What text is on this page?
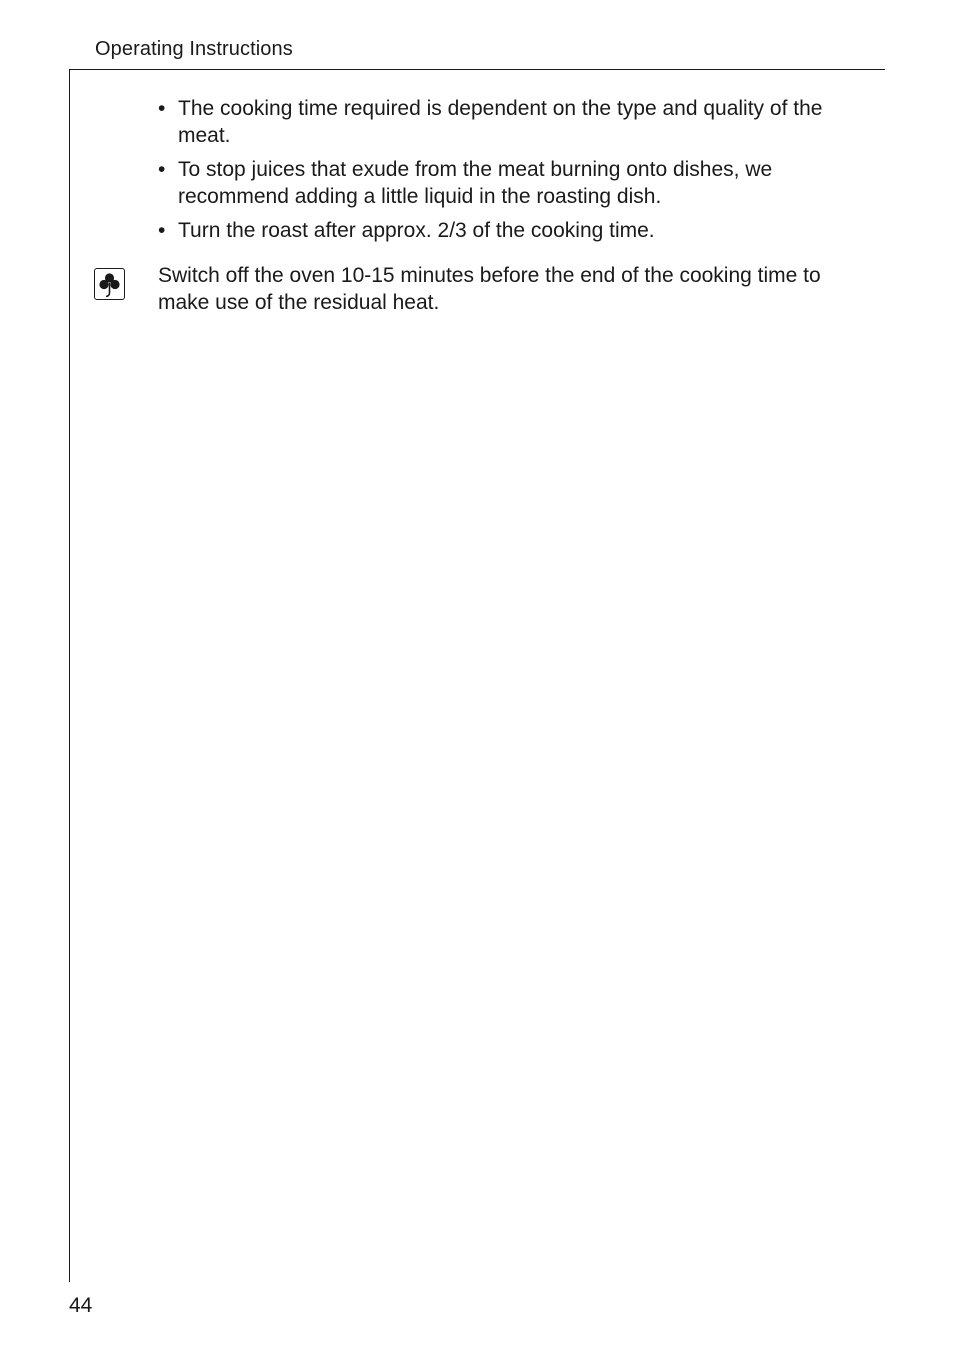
Operating Instructions
• The cooking time required is dependent on the type and quality of the meat.
• To stop juices that exude from the meat burning onto dishes, we recommend adding a little liquid in the roasting dish.
• Turn the roast after approx. 2/3 of the cooking time.
Switch off the oven 10-15 minutes before the end of the cooking time to make use of the residual heat.
44
